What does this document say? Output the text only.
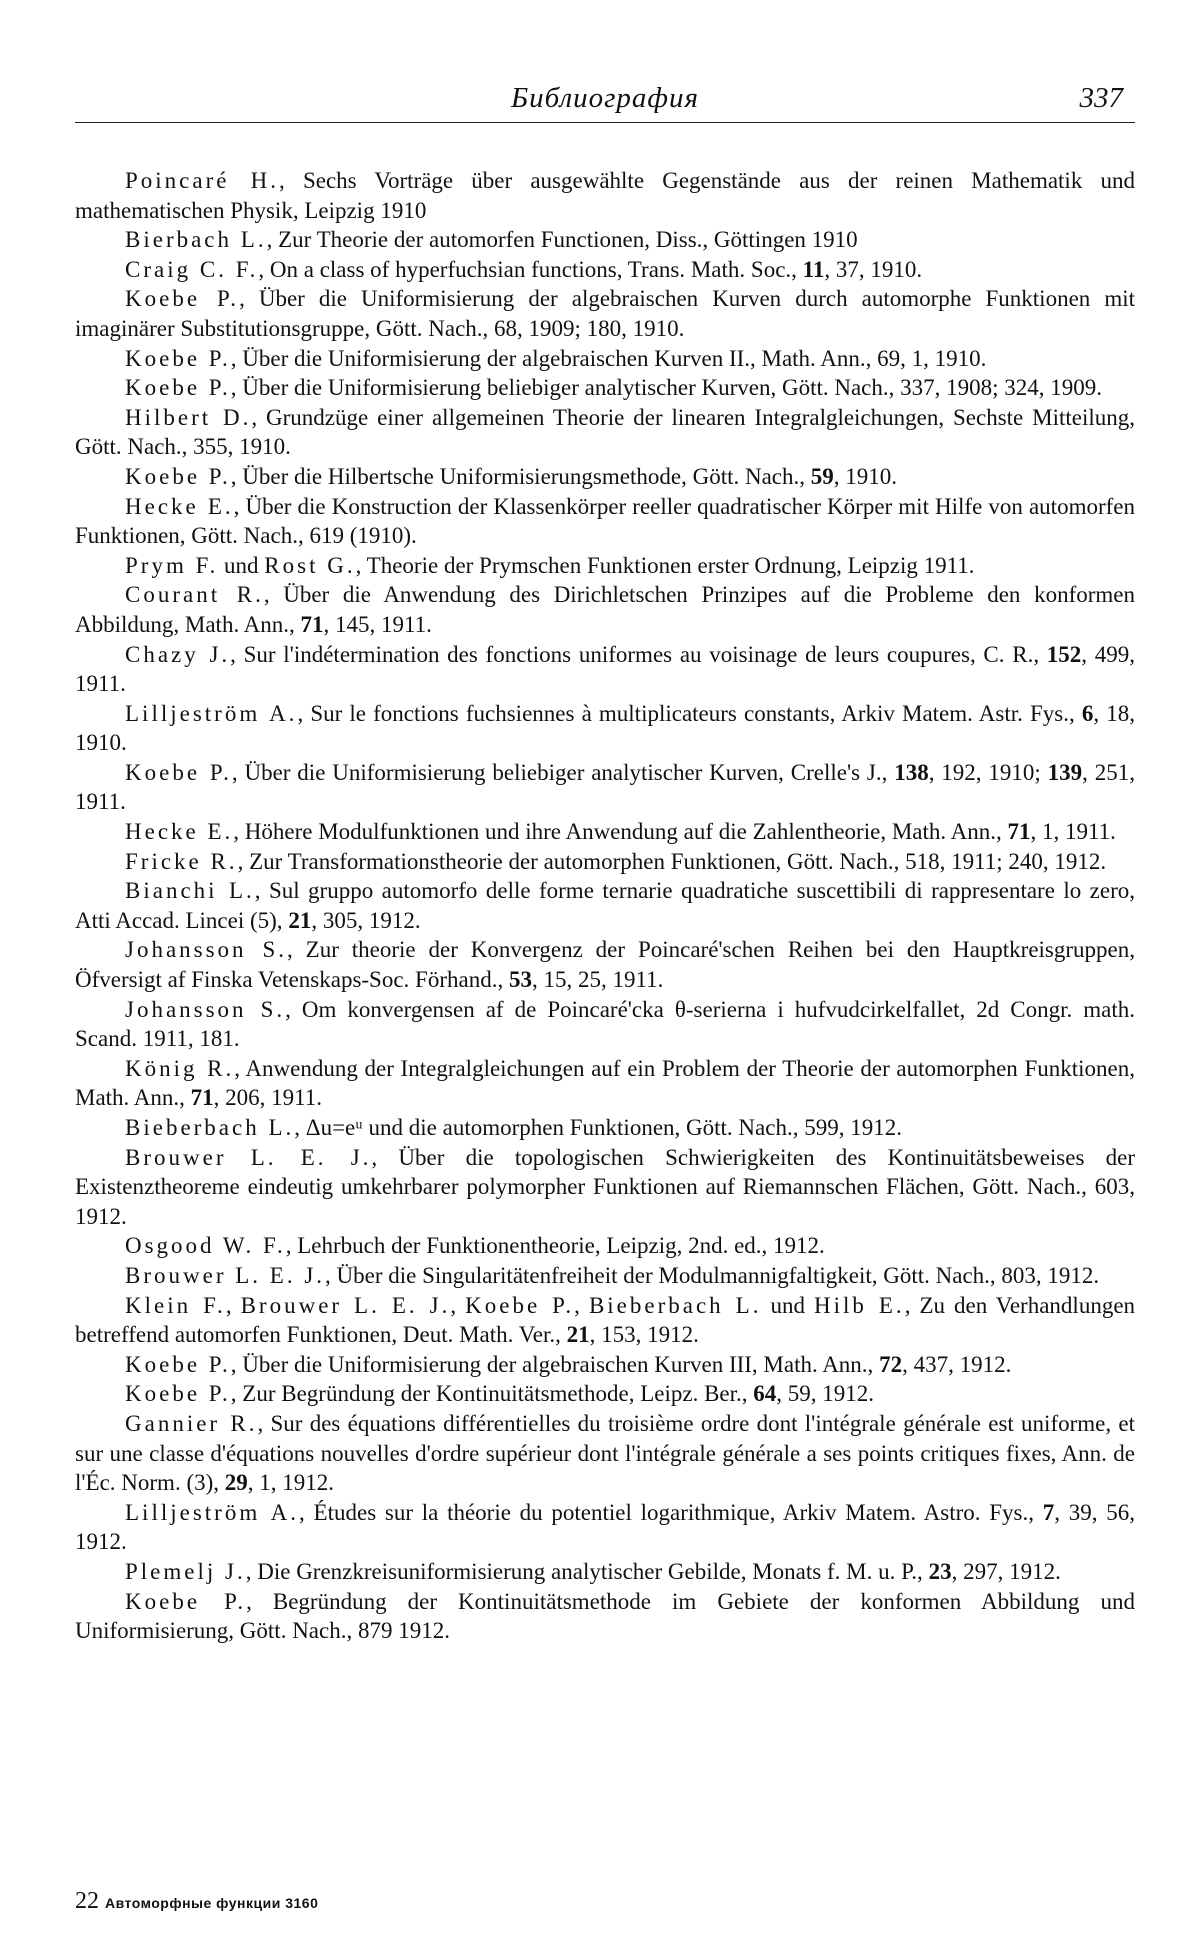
Библиография	337

Poincaré H., Sechs Vorträge über ausgewählte Gegenstände aus der reinen Mathematik und mathematischen Physik, Leipzig 1910

Bierbach L., Zur Theorie der automorfen Functionen, Diss., Göttingen 1910

Craig C. F., On a class of hyperfuchsian functions, Trans. Math. Soc., 11, 37, 1910.

Koebe P., Über die Uniformisierung der algebraischen Kurven durch automorphe Funktionen mit imaginärer Substitutionsgruppe, Gött. Nach., 68, 1909; 180, 1910.

Koebe P., Über die Uniformisierung der algebraischen Kurven II., Math. Ann., 69, 1, 1910.

Koebe P., Über die Uniformisierung beliebiger analytischer Kurven, Gött. Nach., 337, 1908; 324, 1909.

Hilbert D., Grundzüge einer allgemeinen Theorie der linearen Integralgleichungen, Sechste Mitteilung, Gött. Nach., 355, 1910.

Koebe P., Über die Hilbertsche Uniformisierungsmethode, Gött. Nach., 59, 1910.

Hecke E., Über die Konstruction der Klassenkörper reeller quadratischer Körper mit Hilfe von automorfen Funktionen, Gött. Nach., 619 (1910).

Prym F. und Rost G., Theorie der Prymschen Funktionen erster Ordnung, Leipzig 1911.

Courant R., Über die Anwendung des Dirichletschen Prinzipes auf die Probleme den konformen Abbildung, Math. Ann., 71, 145, 1911.

Chazy J., Sur l'indétermination des fonctions uniformes au voisinage de leurs coupures, C. R., 152, 499, 1911.

Lilljeström A., Sur le fonctions fuchsiennes à multiplicateurs constants, Arkiv Matem. Astr. Fys., 6, 18, 1910.

Koebe P., Über die Uniformisierung beliebiger analytischer Kurven, Crelle's J., 138, 192, 1910; 139, 251, 1911.

Hecke E., Höhere Modulfunktionen und ihre Anwendung auf die Zahlentheorie, Math. Ann., 71, 1, 1911.

Fricke R., Zur Transformationstheorie der automorphen Funktionen, Gött. Nach., 518, 1911; 240, 1912.

Bianchi L., Sul gruppo automorfo delle forme ternarie quadratiche suscettibili di rappresentare lo zero, Atti Accad. Lincei (5), 21, 305, 1912.

Johansson S., Zur theorie der Konvergenz der Poincaré'schen Reihen bei den Hauptkreisgruppen, Öfversigt af Finska Vetenskaps-Soc. Förhand., 53, 15, 25, 1911.

Johansson S., Om konvergensen af de Poincaré'cka θ-serierna i hufvudcirkelfallet, 2d Congr. math. Scand. 1911, 181.

König R., Anwendung der Integralgleichungen auf ein Problem der Theorie der automorphen Funktionen, Math. Ann., 71, 206, 1911.

Bieberbach L., Δu=eᵘ und die automorphen Funktionen, Gött. Nach., 599, 1912.

Brouwer L. E. J., Über die topologischen Schwierigkeiten des Kontinuitätsbeweises der Existenztheoreme eindeutig umkehrbarer polymorpher Funktionen auf Riemannschen Flächen, Gött. Nach., 603, 1912.

Osgood W. F., Lehrbuch der Funktionentheorie, Leipzig, 2nd. ed., 1912.

Brouwer L. E. J., Über die Singularitätenfreiheit der Modulmannigfaltigkeit, Gött. Nach., 803, 1912.

Klein F., Brouwer L. E. J., Koebe P., Bieberbach L. und Hilb E., Zu den Verhandlungen betreffend automorfen Funktionen, Deut. Math. Ver., 21, 153, 1912.

Koebe P., Über die Uniformisierung der algebraischen Kurven III, Math. Ann., 72, 437, 1912.

Koebe P., Zur Begründung der Kontinuitätsmethode, Leipz. Ber., 64, 59, 1912.

Gannier R., Sur des équations différentielles du troisième ordre dont l'intégrale générale est uniforme, et sur une classe d'équations nouvelles d'ordre supérieur dont l'intégrale générale a ses points critiques fixes, Ann. de l'Éc. Norm. (3), 29, 1, 1912.

Lilljeström A., Études sur la théorie du potentiel logarithmique, Arkiv Matem. Astro. Fys., 7, 39, 56, 1912.

Plemelj J., Die Grenzkreisuniformisierung analytischer Gebilde, Monats f. M. u. P., 23, 297, 1912.

Koebe P., Begründung der Kontinuitätsmethode im Gebiete der konformen Abbildung und Uniformisierung, Gött. Nach., 879 1912.

22 Автоморфные функции 3160
